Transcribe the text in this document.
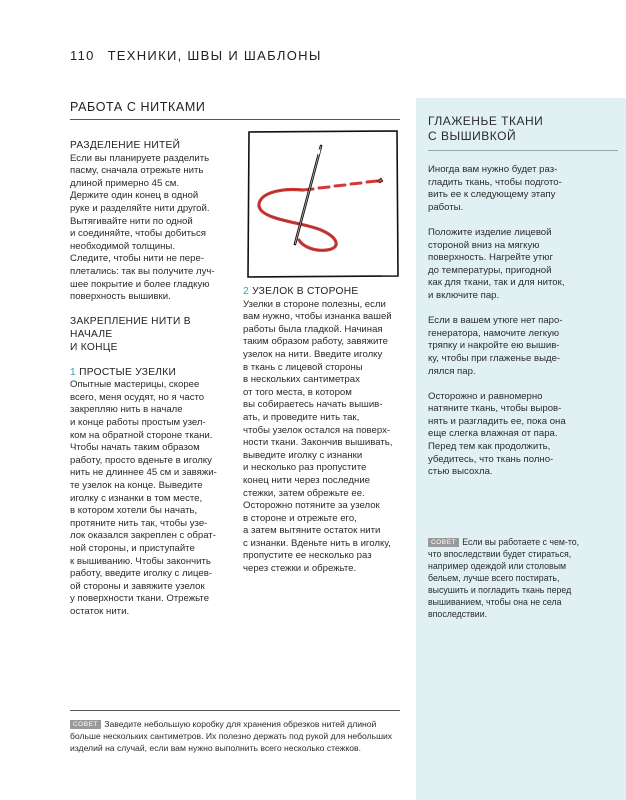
110 ТЕХНИКИ, ШВЫ И ШАБЛОНЫ
РАБОТА С НИТКАМИ

РАЗДЕЛЕНИЕ НИТЕЙ

Если вы планируете разделить
пасму, сначала отрежьте нить
длиной примерно 45 см.
Держите один конец в одной
руке и разделяйте нити другой.
Вытягивайте нити по одной
и соединяйте, чтобы добиться
необходимой толщины.
Следите, чтобы нити не пере-
плетались: так вы получите луч-
шее покрытие и более гладкую
поверхность вышивки.

ЗАКРЕПЛЕНИЕ НИТИ В НАЧАЛЕ
И КОНЦЕ

1 ПРОСТЫЕ УЗЕЛКИ

Опытные мастерицы, скорее
всего, меня осудят, но я часто
закрепляю нить в начале
и конце работы простым узел-
ком на обратной стороне ткани.
Чтобы начать таким образом
работу, просто вденьте в иголку
нить не длиннее 45 см и завяжи-
те узелок на конце. Выведите
иголку с изнанки в том месте,
в котором хотели бы начать,
протяните нить так, чтобы узе-
лок оказался закреплен с обрат-
ной стороны, и приступайте
к вышиванию. Чтобы закончить
работу, введите иголку с лицев-
ой стороны и завяжите узелок
у поверхности ткани. Отрежьте
остаток нити.

2 УЗЕЛОК В СТОРОНЕ

Узелки в стороне полезны, если
вам нужно, чтобы изнанка вашей
работы была гладкой. Начиная
таким образом работу, завяжите
узелок на нити. Введите иголку
в ткань с лицевой стороны
в нескольких сантиметрах
от того места, в котором
вы собираетесь начать вышив-
ать, и проведите нить так,
чтобы узелок остался на поверх-
ности ткани. Закончив вышивать,
выведите иголку с изнанки
и несколько раз пропустите
конец нити через последние
стежки, затем обрежьте ее.
Осторожно потяните за узелок
в стороне и отрежьте его,
а затем вытяните остаток нити
с изнанки. Вденьте нить в иголку,
пропустите ее несколько раз
через стежки и обрежьте.

ГЛАЖЕНЬЕ ТКАНИ
С ВЫШИВКОЙ

Иногда вам нужно будет раз-
гладить ткань, чтобы подгото-
вить ее к следующему этапу
работы.

Положите изделие лицевой
стороной вниз на мягкую
поверхность. Нагрейте утюг
до температуры, пригодной
как для ткани, так и для ниток,
и включите пар.

Если в вашем утюге нет паро-
генератора, намочите легкую
тряпку и накройте ею вышив-
ку, чтобы при глаженье выде-
лялся пар.

Осторожно и равномерно
натяните ткань, чтобы выров-
нять и разгладить ее, пока она
еще слегка влажная от пара.
Перед тем как продолжить,
убедитесь, что ткань полно-
стью высохла.

СОВЕТ Если вы работаете с чем-то,
что впоследствии будет стираться,
например одеждой или столовым
бельем, лучше всего постирать,
высушить и погладить ткань перед
вышиванием, чтобы она не села
впоследствии.
СОВЕТ Заведите небольшую коробку для хранения обрезков нитей длиной
больше нескольких сантиметров. Их полезно держать под рукой для небольших
изделий на случай, если вам нужно выполнить всего несколько стежков.
